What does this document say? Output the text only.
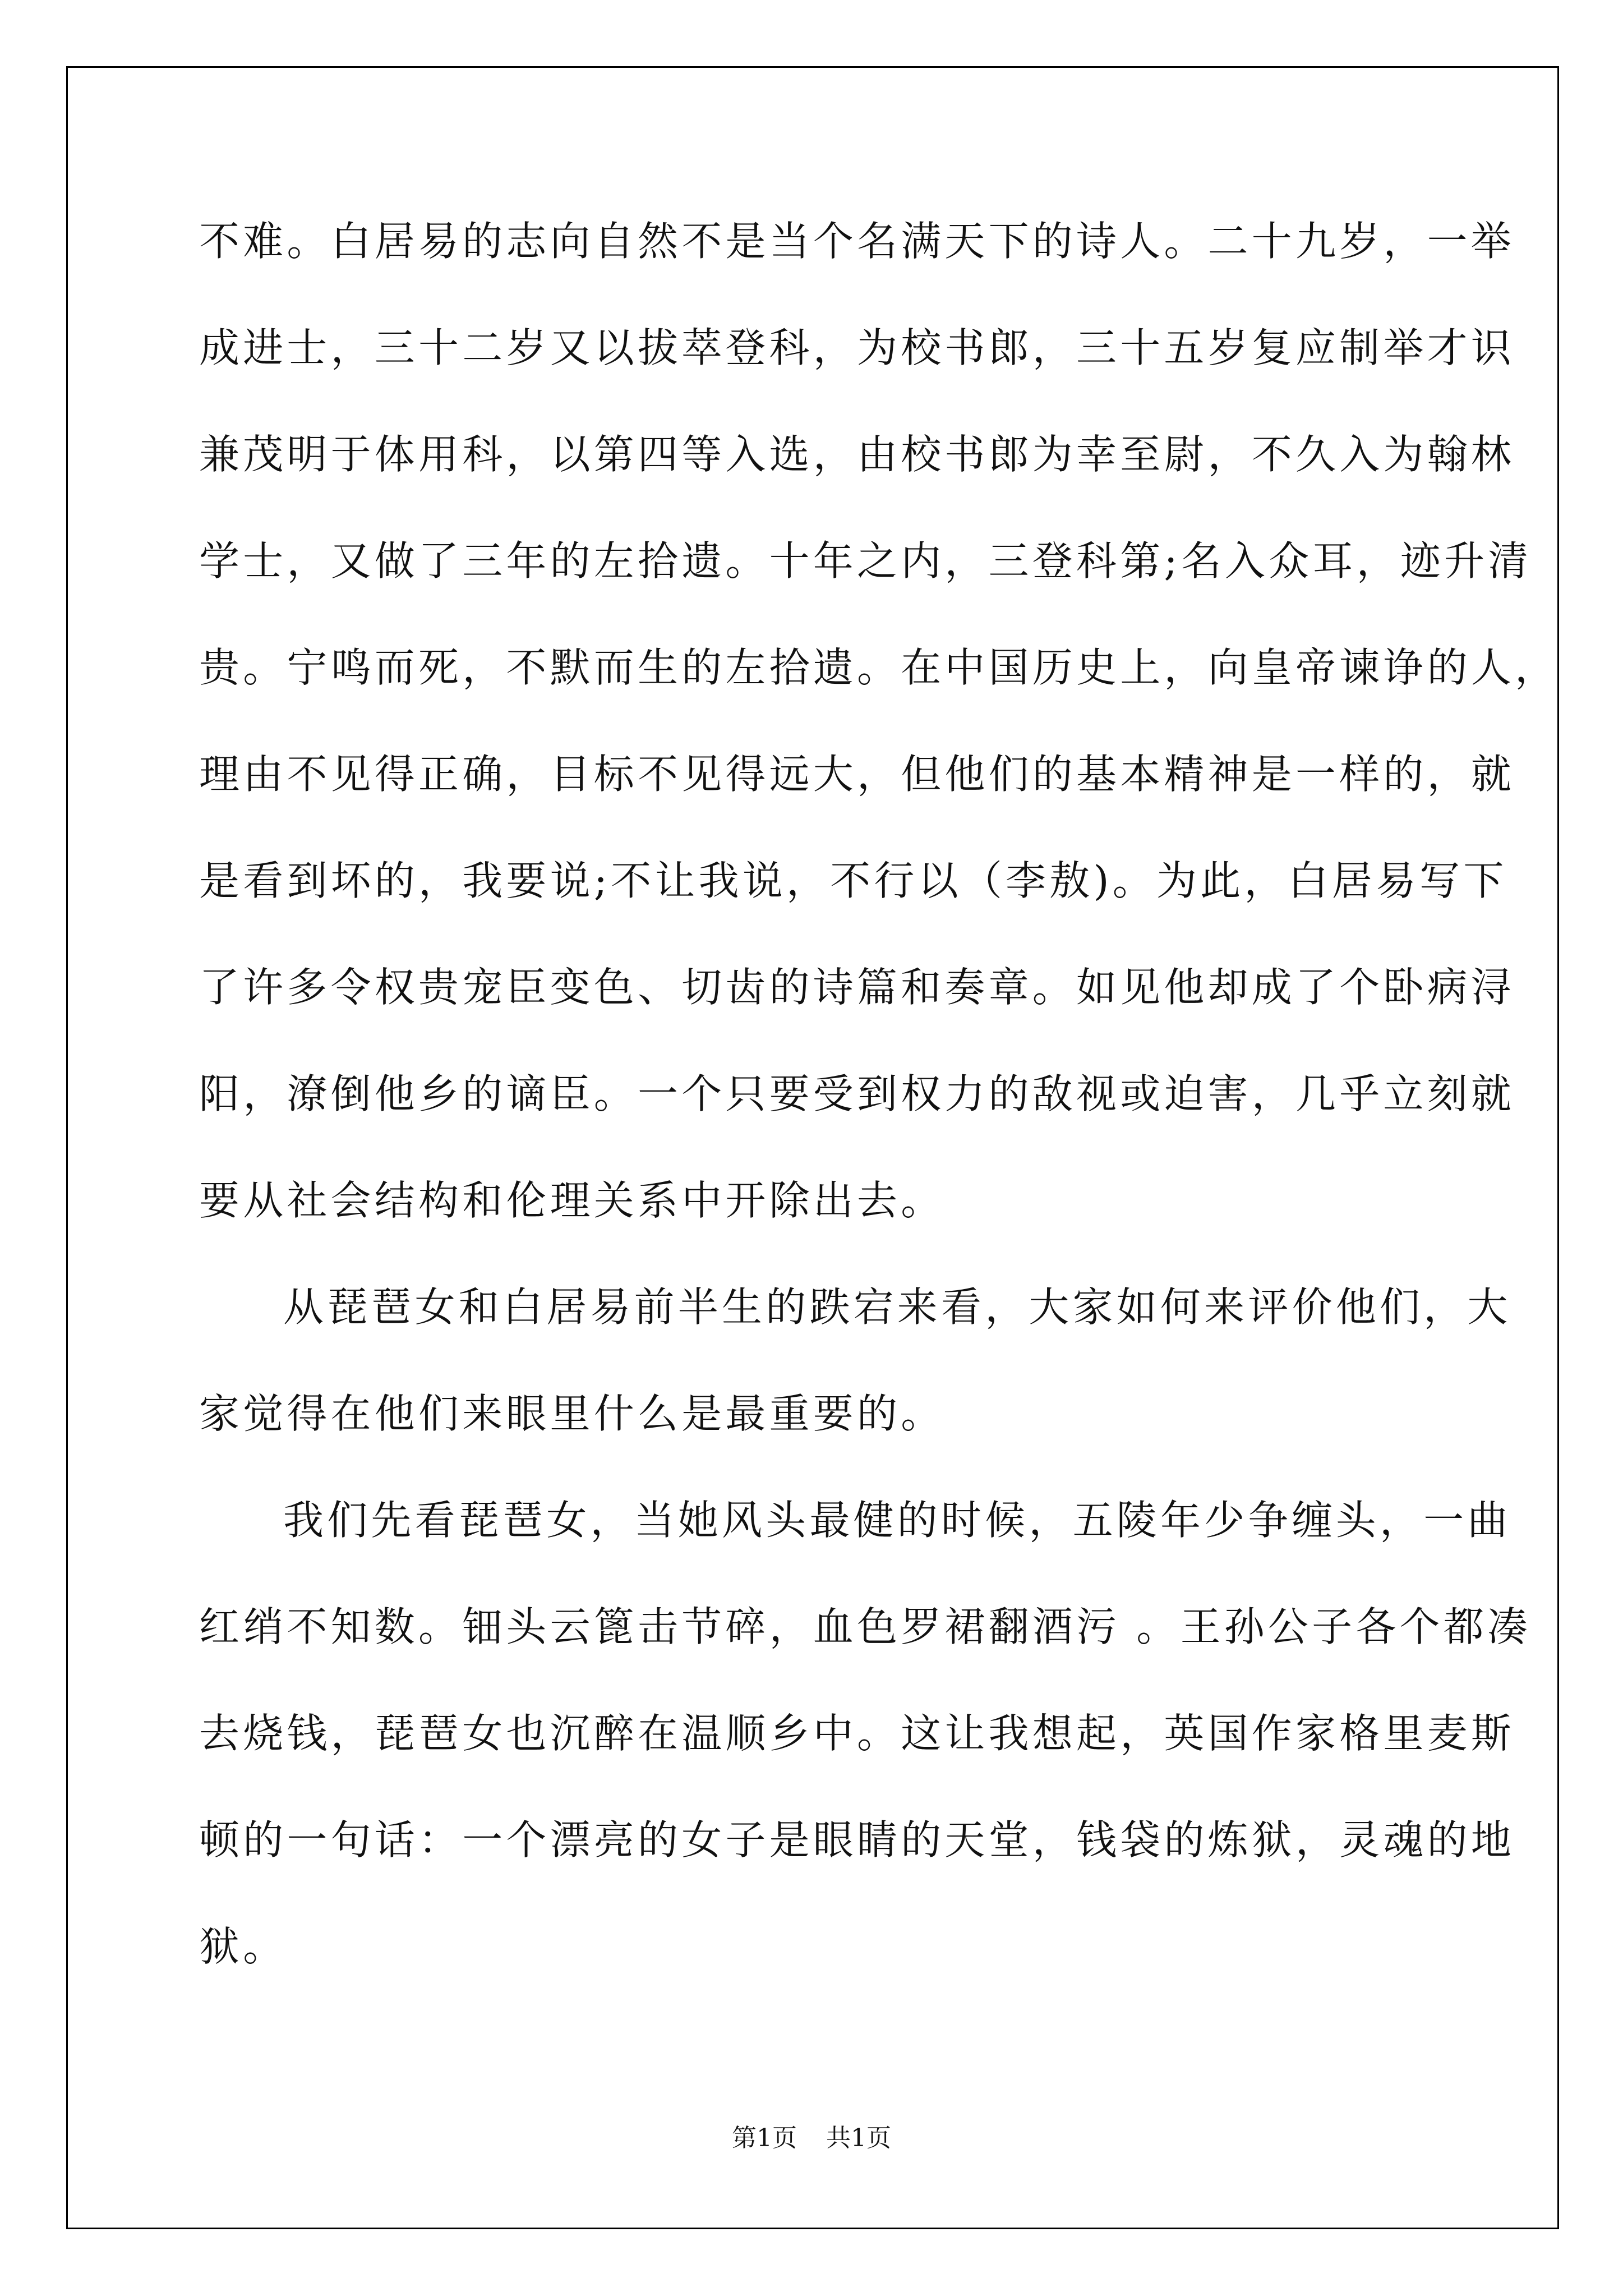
不难。白居易的志向自然不是当个名满天下的诗人。二十九岁，一举
成进士，三十二岁又以拔萃登科，为校书郎，三十五岁复应制举才识
兼茂明于体用科，以第四等入选，由校书郎为幸至尉，不久入为翰林
学士，又做了三年的左拾遗。十年之内，三登科第;名入众耳，迹升清
贵。宁鸣而死，不默而生的左拾遗。在中国历史上，向皇帝谏诤的人，
理由不见得正确，目标不见得远大，但他们的基本精神是一样的，就
是看到坏的，我要说;不让我说，不行以（李敖)。为此，白居易写下
了许多令权贵宠臣变色、切齿的诗篇和奏章。如见他却成了个卧病浔
阳，潦倒他乡的谪臣。一个只要受到权力的敌视或迫害，几乎立刻就
要从社会结构和伦理关系中开除出去。
从琵琶女和白居易前半生的跌宕来看，大家如何来评价他们，大
家觉得在他们来眼里什么是最重要的。
我们先看琵琶女，当她风头最健的时候，五陵年少争缠头，一曲
红绡不知数。钿头云篦击节碎，血色罗裙翻酒污 。王孙公子各个都凑
去烧钱，琵琶女也沉醉在温顺乡中。这让我想起，英国作家格里麦斯
顿的一句话：一个漂亮的女子是眼睛的天堂，钱袋的炼狱，灵魂的地
狱。
第1页 共1页
